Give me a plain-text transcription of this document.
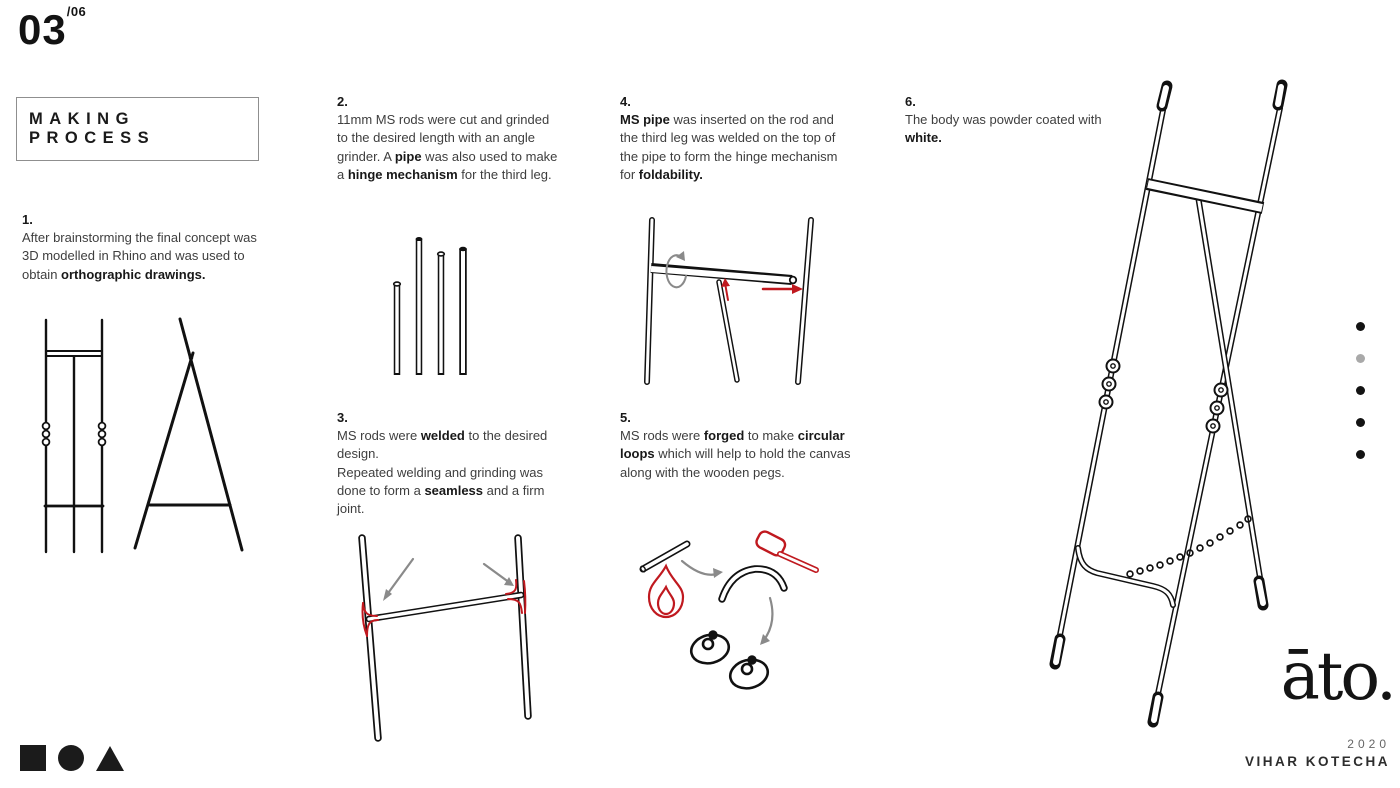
$03^{/06}$
MAKING PROCESS
1.
After brainstorming the final concept was 3D modelled in Rhino and was used to obtain orthographic drawings.
2.
11mm MS rods were cut and grinded to the desired length with an angle grinder. A pipe was also used to make a hinge mechanism for the third leg.
3.
MS rods were welded to the desired design.
Repeated welding and grinding was done to form a seamless and a firm joint.
4.
MS pipe was inserted on the rod and the third leg was welded on the top of the pipe to form the hinge mechanism for foldability.
5.
MS rods were forged to make circular loops which will help to hold the canvas along with the wooden pegs.
6.
The body was powder coated with white.
āto.
2020
VIHAR KOTECHA
